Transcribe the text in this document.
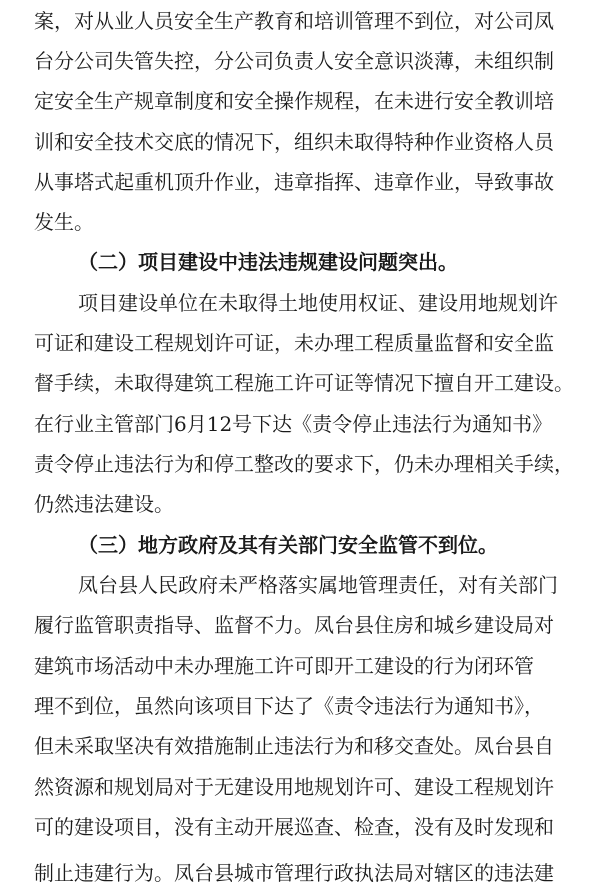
案，对从业人员安全生产教育和培训管理不到位，对公司凤
台分公司失管失控，分公司负责人安全意识淡薄，未组织制
定安全生产规章制度和安全操作规程，在未进行安全教训培
训和安全技术交底的情况下，组织未取得特种作业资格人员
从事塔式起重机顶升作业，违章指挥、违章作业，导致事故
发生。
（二）项目建设中违法违规建设问题突出。
项目建设单位在未取得土地使用权证、建设用地规划许
可证和建设工程规划许可证，未办理工程质量监督和安全监
督手续，未取得建筑工程施工许可证等情况下擅自开工建设。
在行业主管部门6月12号下达《责令停止违法行为通知书》
责令停止违法行为和停工整改的要求下，仍未办理相关手续，
仍然违法建设。
（三）地方政府及其有关部门安全监管不到位。
凤台县人民政府未严格落实属地管理责任，对有关部门
履行监管职责指导、监督不力。凤台县住房和城乡建设局对
建筑市场活动中未办理施工许可即开工建设的行为闭环管
理不到位，虽然向该项目下达了《责令违法行为通知书》，
但未采取坚决有效措施制止违法行为和移交查处。凤台县自
然资源和规划局对于无建设用地规划许可、建设工程规划许
可的建设项目，没有主动开展巡查、检查，没有及时发现和
制止违建行为。凤台县城市管理行政执法局对辖区的违法建
